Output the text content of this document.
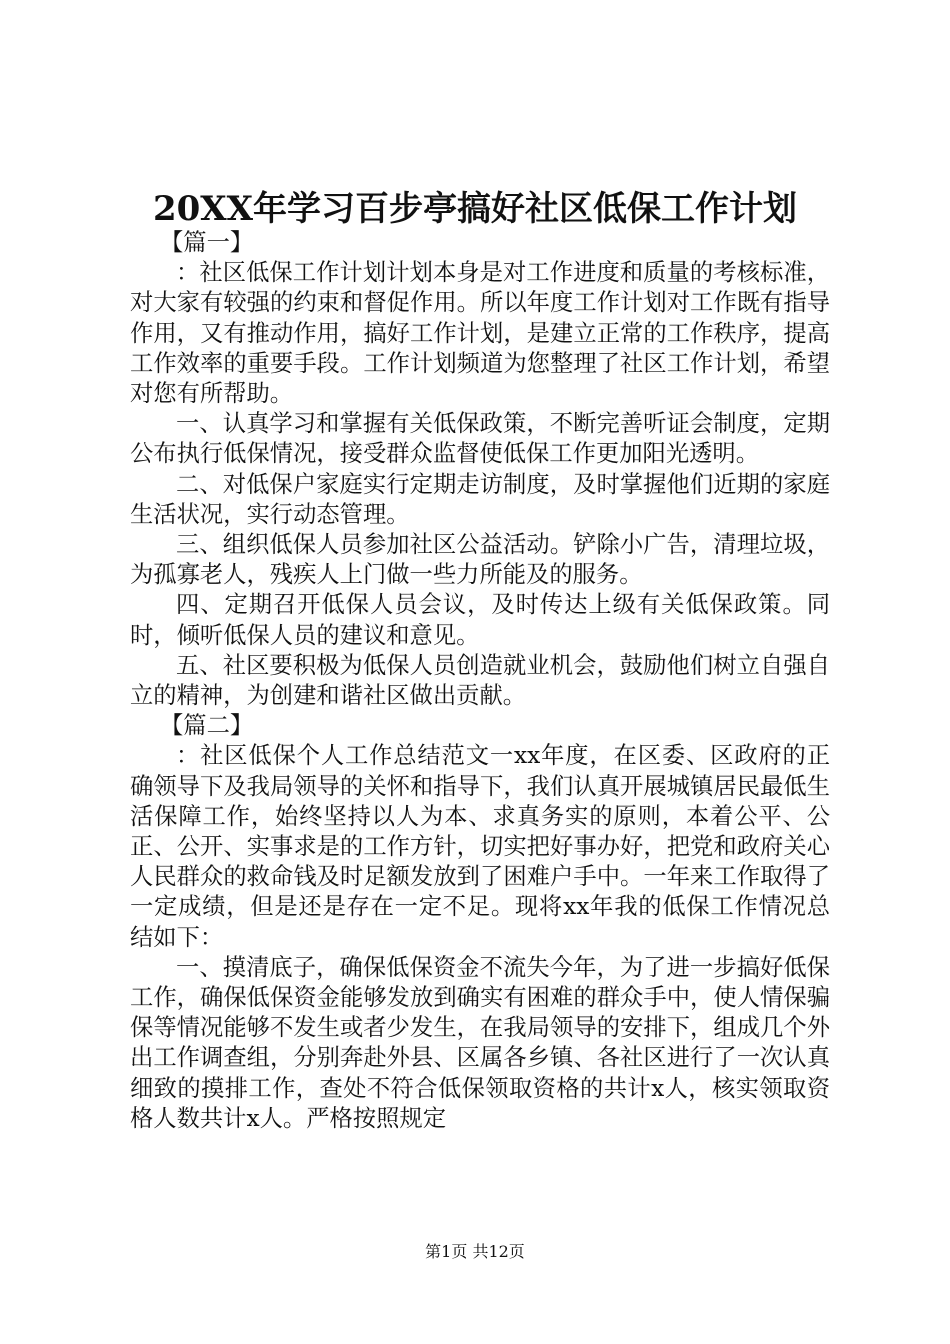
20XX年学习百步亭搞好社区低保工作计划

【篇一】

：社区低保工作计划计划本身是对工作进度和质量的考核标准，对大家有较强的约束和督促作用。所以年度工作计划对工作既有指导作用，又有推动作用，搞好工作计划，是建立正常的工作秩序，提高工作效率的重要手段。工作计划频道为您整理了社区工作计划，希望对您有所帮助。

一、认真学习和掌握有关低保政策，不断完善听证会制度，定期公布执行低保情况，接受群众监督使低保工作更加阳光透明。

二、对低保户家庭实行定期走访制度，及时掌握他们近期的家庭生活状况，实行动态管理。

三、组织低保人员参加社区公益活动。铲除小广告，清理垃圾，为孤寡老人，残疾人上门做一些力所能及的服务。

四、定期召开低保人员会议，及时传达上级有关低保政策。同时，倾听低保人员的建议和意见。

五、社区要积极为低保人员创造就业机会，鼓励他们树立自强自立的精神，为创建和谐社区做出贡献。

【篇二】

：社区低保个人工作总结范文一xx年度，在区委、区政府的正确领导下及我局领导的关怀和指导下，我们认真开展城镇居民最低生活保障工作，始终坚持以人为本、求真务实的原则，本着公平、公正、公开、实事求是的工作方针，切实把好事办好，把党和政府关心人民群众的救命钱及时足额发放到了困难户手中。一年来工作取得了一定成绩，但是还是存在一定不足。现将xx年我的低保工作情况总结如下：

一、摸清底子，确保低保资金不流失今年，为了进一步搞好低保工作，确保低保资金能够发放到确实有困难的群众手中，使人情保骗保等情况能够不发生或者少发生，在我局领导的安排下，组成几个外出工作调查组，分别奔赴外县、区属各乡镇、各社区进行了一次认真细致的摸排工作，查处不符合低保领取资格的共计x人，核实领取资格人数共计x人。严格按照规定

第1页 共12页
